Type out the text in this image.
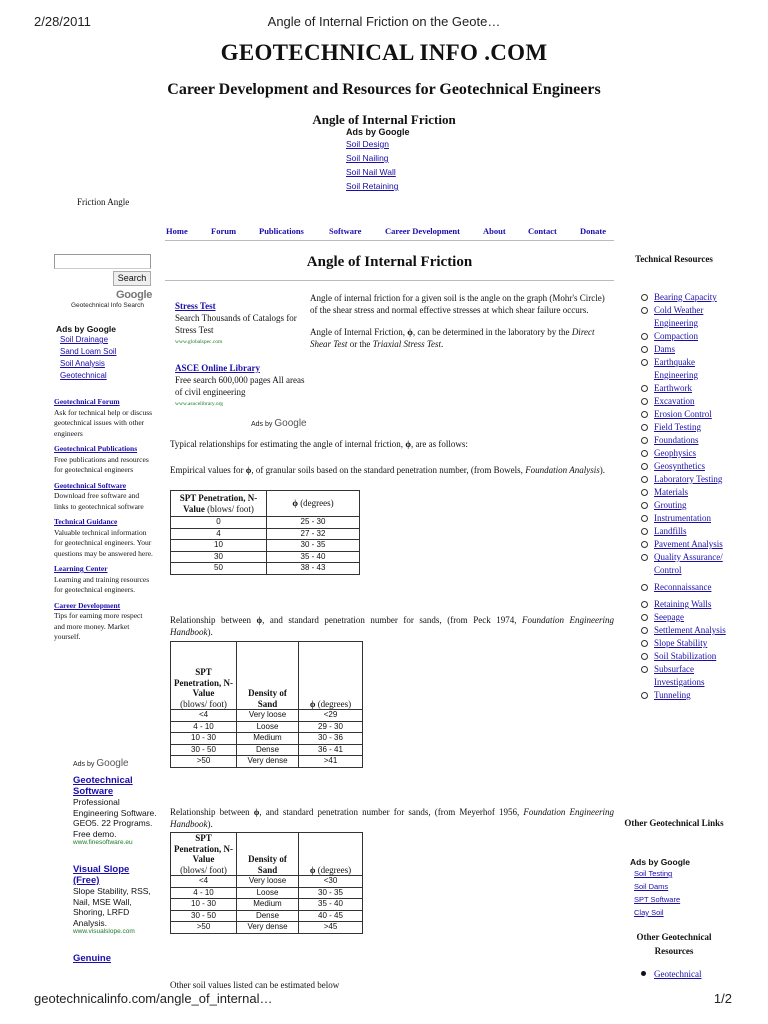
2/28/2011	Angle of Internal Friction on the Geote…
geotechnicalinfo.com/angle_of_internal…	1/2
GEOTECHNICAL INFO .COM
Career Development and Resources for Geotechnical Engineers
Angle of Internal Friction
Ads by Google
Soil Design
Soil Nailing
Soil Nail Wall
Soil Retaining
Friction Angle
Home	Forum	Publications	Software	Career Development	About	Contact	Donate
Search
Google
Geotechnical Info Search
Ads by Google
Soil Drainage
Sand Loam Soil
Soil Analysis
Geotechnical
Geotechnical Forum
Ask for technical help or discuss geotechnical issues with other engineers
Geotechnical Publications
Free publications and resources for geotechnical engineers
Geotechnical Software
Download free software and links to geotechnical software
Technical Guidance
Valuable technical information for geotechnical engineers. Your questions may be answered here.
Learning Center
Learning and training resources for geotechnical engineers.
Career Development
Tips for earning more respect and more money. Market yourself.
Ads by Google
Geotechnical Software
Professional Engineering Software. GEO5. 22 Programs. Free demo.
www.finesoftware.eu
Visual Slope (Free)
Slope Stability, RSS, Nail, MSE Wall, Shoring, LRFD Analysis.
www.visualslope.com
Genuine
Angle of Internal Friction
Stress Test
Search Thousands of Catalogs for Stress Test
www.globalspec.com
ASCE Online Library
Free search 600,000 pages All areas of civil engineering
www.asucelibrary.org
Ads by Google

Angle of internal friction for a given soil is the angle on the graph (Mohr's Circle) of the shear stress and normal effective stresses at which shear failure occurs.

Angle of Internal Friction, ϕ, can be determined in the laboratory by the Direct Shear Test or the Triaxial Stress Test.

Typical relationships for estimating the angle of internal friction, ϕ, are as follows:
Empirical values for ϕ, of granular soils based on the standard penetration number, (from Bowels, Foundation Analysis).
SPT Penetration, N-Value (blows/ foot)	ϕ (degrees)
0	25 - 30
4	27 - 32
10	30 - 35
30	35 - 40
50	38 - 43
Relationship between ϕ, and standard penetration number for sands, (from Peck 1974, Foundation Engineering Handbook).
SPT Penetration, N-Value
(blows/ foot)	Density of Sand	ϕ (degrees)
<4	Very loose	<29
4 - 10	Loose	29 - 30
10 - 30	Medium	30 - 36
30 - 50	Dense	36 - 41
>50	Very dense	>41
Relationship between ϕ, and standard penetration number for sands, (from Meyerhof 1956, Foundation Engineering Handbook).
SPT Penetration, N-Value
(blows/ foot)	Density of Sand	ϕ (degrees)
<4	Very loose	<30
4 - 10	Loose	30 - 35
10 - 30	Medium	35 - 40
30 - 50	Dense	40 - 45
>50	Very dense	>45
Other soil values listed can be estimated below
Technical Resources
Bearing Capacity
Cold Weather Engineering
Compaction
Dams
Earthquake Engineering
Earthwork
Excavation
Erosion Control
Field Testing
Foundations
Geophysics
Geosynthetics
Laboratory Testing
Materials
Grouting
Instrumentation
Landfills
Pavement Analysis
Quality Assurance/ Control
Reconnaissance
Retaining Walls
Seepage
Settlement Analysis
Slope Stability
Soil Stabilization
Subsurface Investigations
Tunneling
Other Geotechnical Links
Ads by Google
Soil Testing
Soil Dams
SPT Software
Clay Soil
Other Geotechnical Resources
Geotechnical
